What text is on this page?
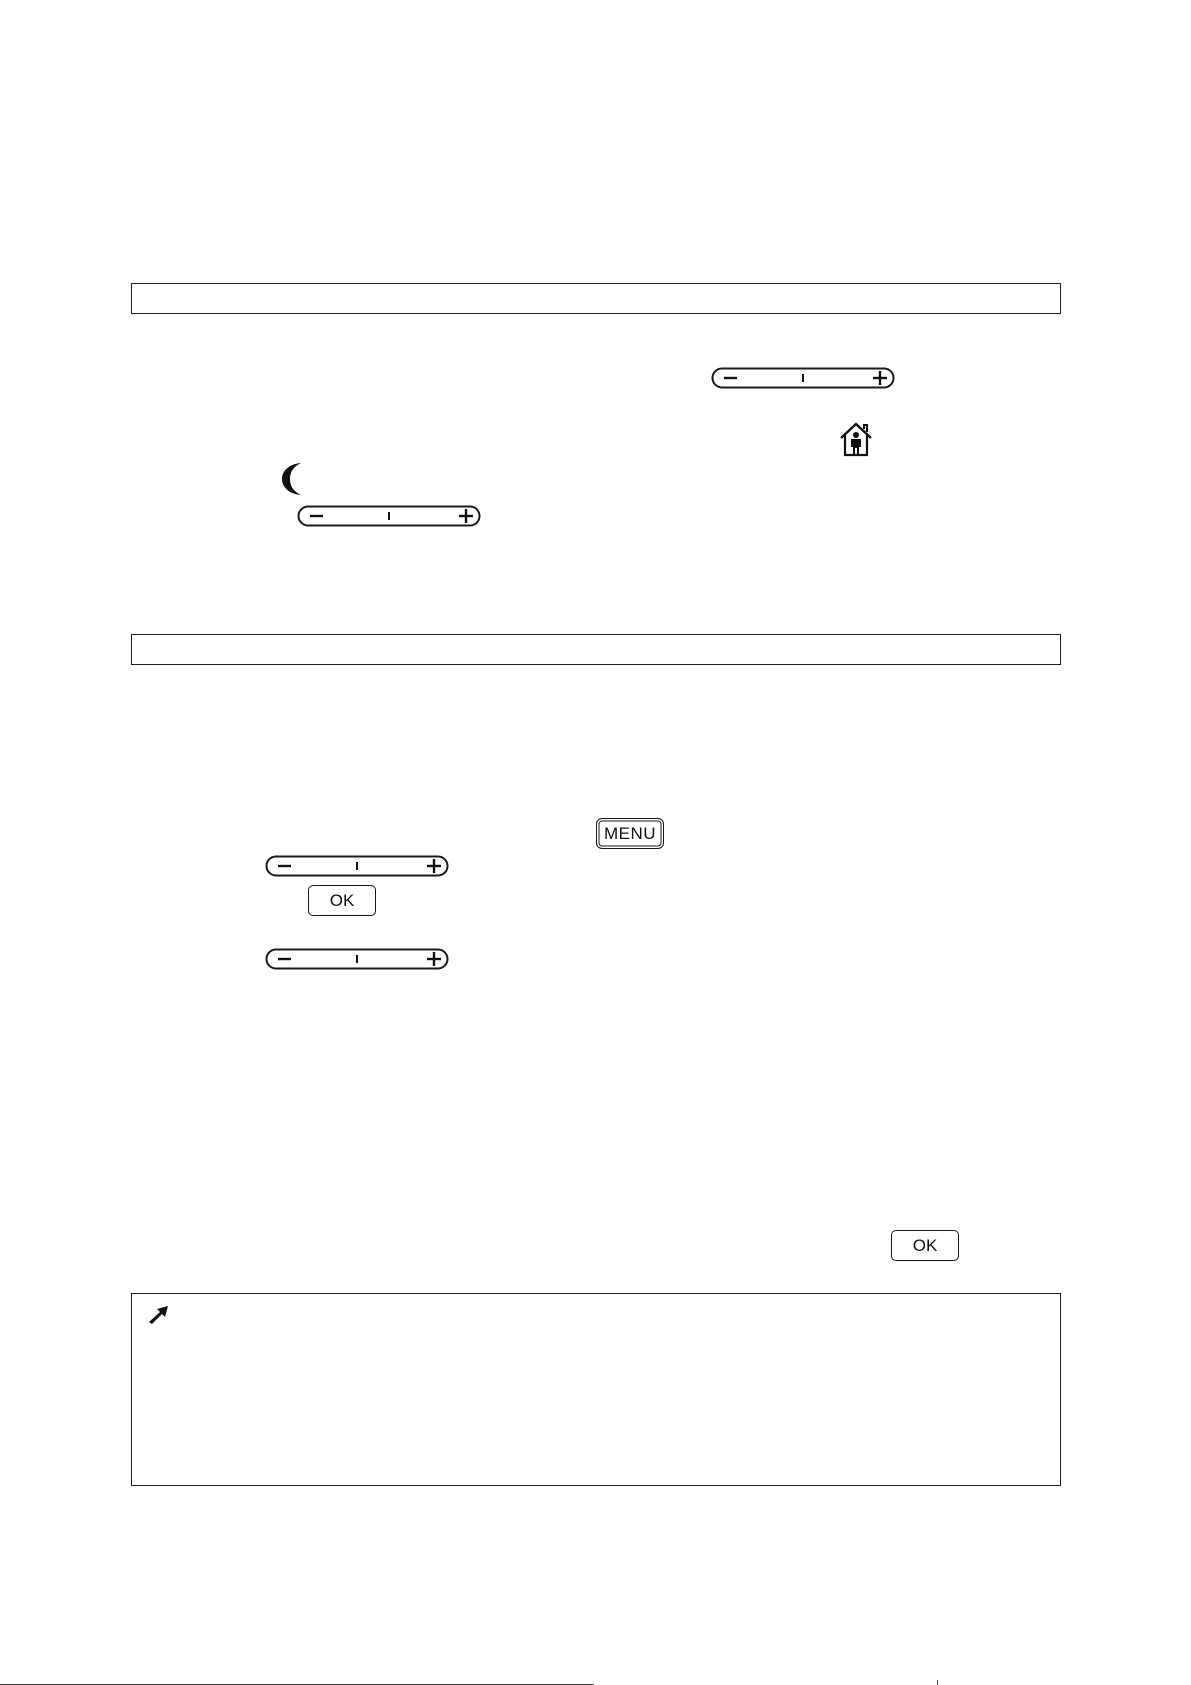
MENU
OK
OK
